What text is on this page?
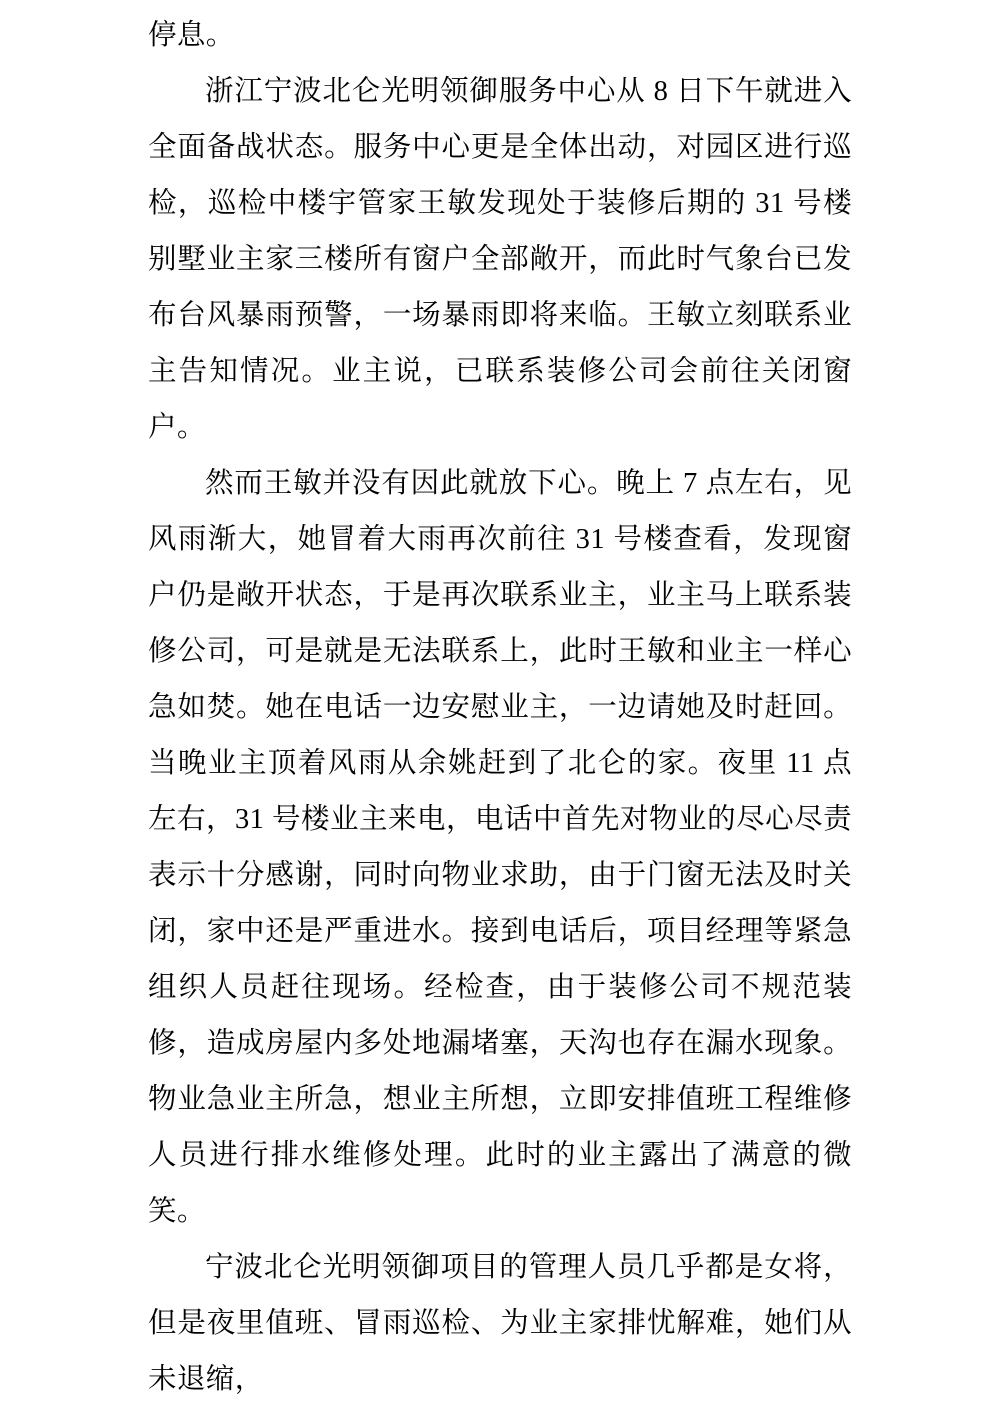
停息。

浙江宁波北仑光明领御服务中心从 8 日下午就进入全面备战状态。服务中心更是全体出动，对园区进行巡检，巡检中楼宇管家王敏发现处于装修后期的 31 号楼别墅业主家三楼所有窗户全部敞开，而此时气象台已发布台风暴雨预警，一场暴雨即将来临。王敏立刻联系业主告知情况。业主说，已联系装修公司会前往关闭窗户。

然而王敏并没有因此就放下心。晚上 7 点左右，见风雨渐大，她冒着大雨再次前往 31 号楼查看，发现窗户仍是敞开状态，于是再次联系业主，业主马上联系装修公司，可是就是无法联系上，此时王敏和业主一样心急如焚。她在电话一边安慰业主，一边请她及时赶回。当晚业主顶着风雨从余姚赶到了北仑的家。夜里 11 点左右，31 号楼业主来电，电话中首先对物业的尽心尽责表示十分感谢，同时向物业求助，由于门窗无法及时关闭，家中还是严重进水。接到电话后，项目经理等紧急组织人员赶往现场。经检查，由于装修公司不规范装修，造成房屋内多处地漏堵塞，天沟也存在漏水现象。物业急业主所急，想业主所想，立即安排值班工程维修人员进行排水维修处理。此时的业主露出了满意的微笑。

宁波北仑光明领御项目的管理人员几乎都是女将，但是夜里值班、冒雨巡检、为业主家排忧解难，她们从未退缩，
